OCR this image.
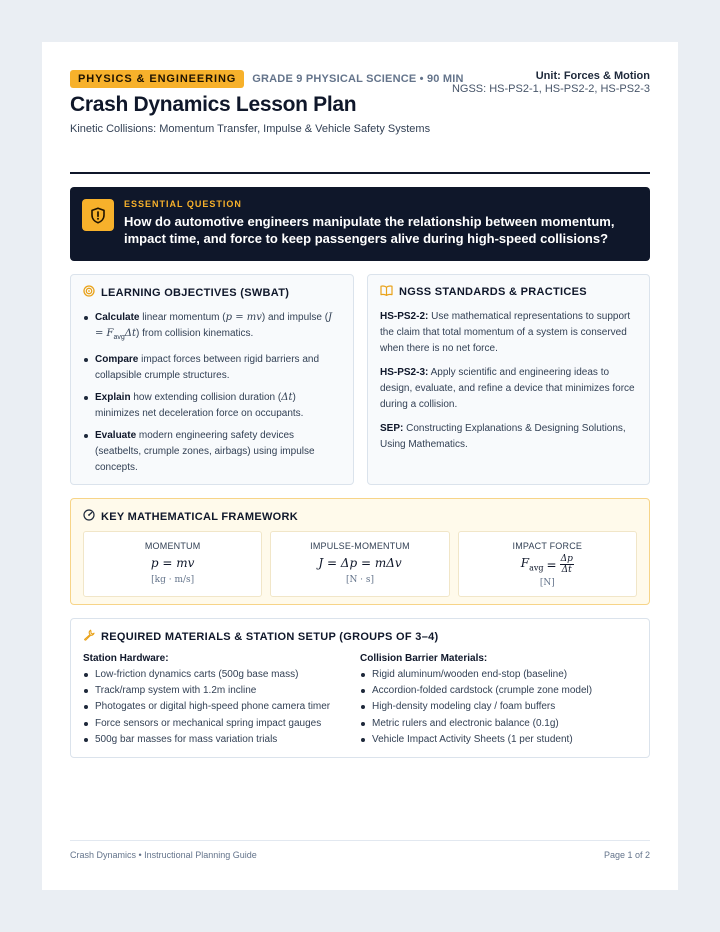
PHYSICS & ENGINEERING	GRADE 9 PHYSICAL SCIENCE • 90 MIN
Crash Dynamics Lesson Plan
Kinetic Collisions: Momentum Transfer, Impulse & Vehicle Safety Systems
Unit: Forces & Motion
NGSS: HS-PS2-1, HS-PS2-2, HS-PS2-3
ESSENTIAL QUESTION
How do automotive engineers manipulate the relationship between momentum, impact time, and force to keep passengers alive during high-speed collisions?
LEARNING OBJECTIVES (SWBAT)
Calculate linear momentum (p = mv) and impulse $(J = F_{avg}\Delta t)$ from collision kinematics.
Compare impact forces between rigid barriers and collapsible crumple structures.
Explain how extending collision duration (Δt) minimizes net deceleration force on occupants.
Evaluate modern engineering safety devices (seatbelts, crumple zones, airbags) using impulse concepts.
NGSS STANDARDS & PRACTICES

HS-PS2-2: Use mathematical representations to support the claim that total momentum of a system is conserved when there is no net force.

HS-PS2-3: Apply scientific and engineering ideas to design, evaluate, and refine a device that minimizes force during a collision.

SEP: Constructing Explanations & Designing Solutions, Using Mathematics.

KEY MATHEMATICAL FRAMEWORK
MOMENTUM
p = mv
[kg · m/s]
IMPULSE-MOMENTUM
J = Δp = mΔv
[N · s]
IMPACT FORCE
$F_{avg} = \frac{\Delta p}{\Delta t}$
[N]
REQUIRED MATERIALS & STATION SETUP (GROUPS OF 3–4)
Station Hardware:
Low-friction dynamics carts (500g base mass)
Track/ramp system with 1.2m incline
Photogates or digital high-speed phone camera timer
Force sensors or mechanical spring impact gauges
500g bar masses for mass variation trials
Collision Barrier Materials:
Rigid aluminum/wooden end-stop (baseline)
Accordion-folded cardstock (crumple zone model)
High-density modeling clay / foam buffers
Metric rulers and electronic balance (0.1g)
Vehicle Impact Activity Sheets (1 per student)
Crash Dynamics • Instructional Planning Guide	Page 1 of 2
